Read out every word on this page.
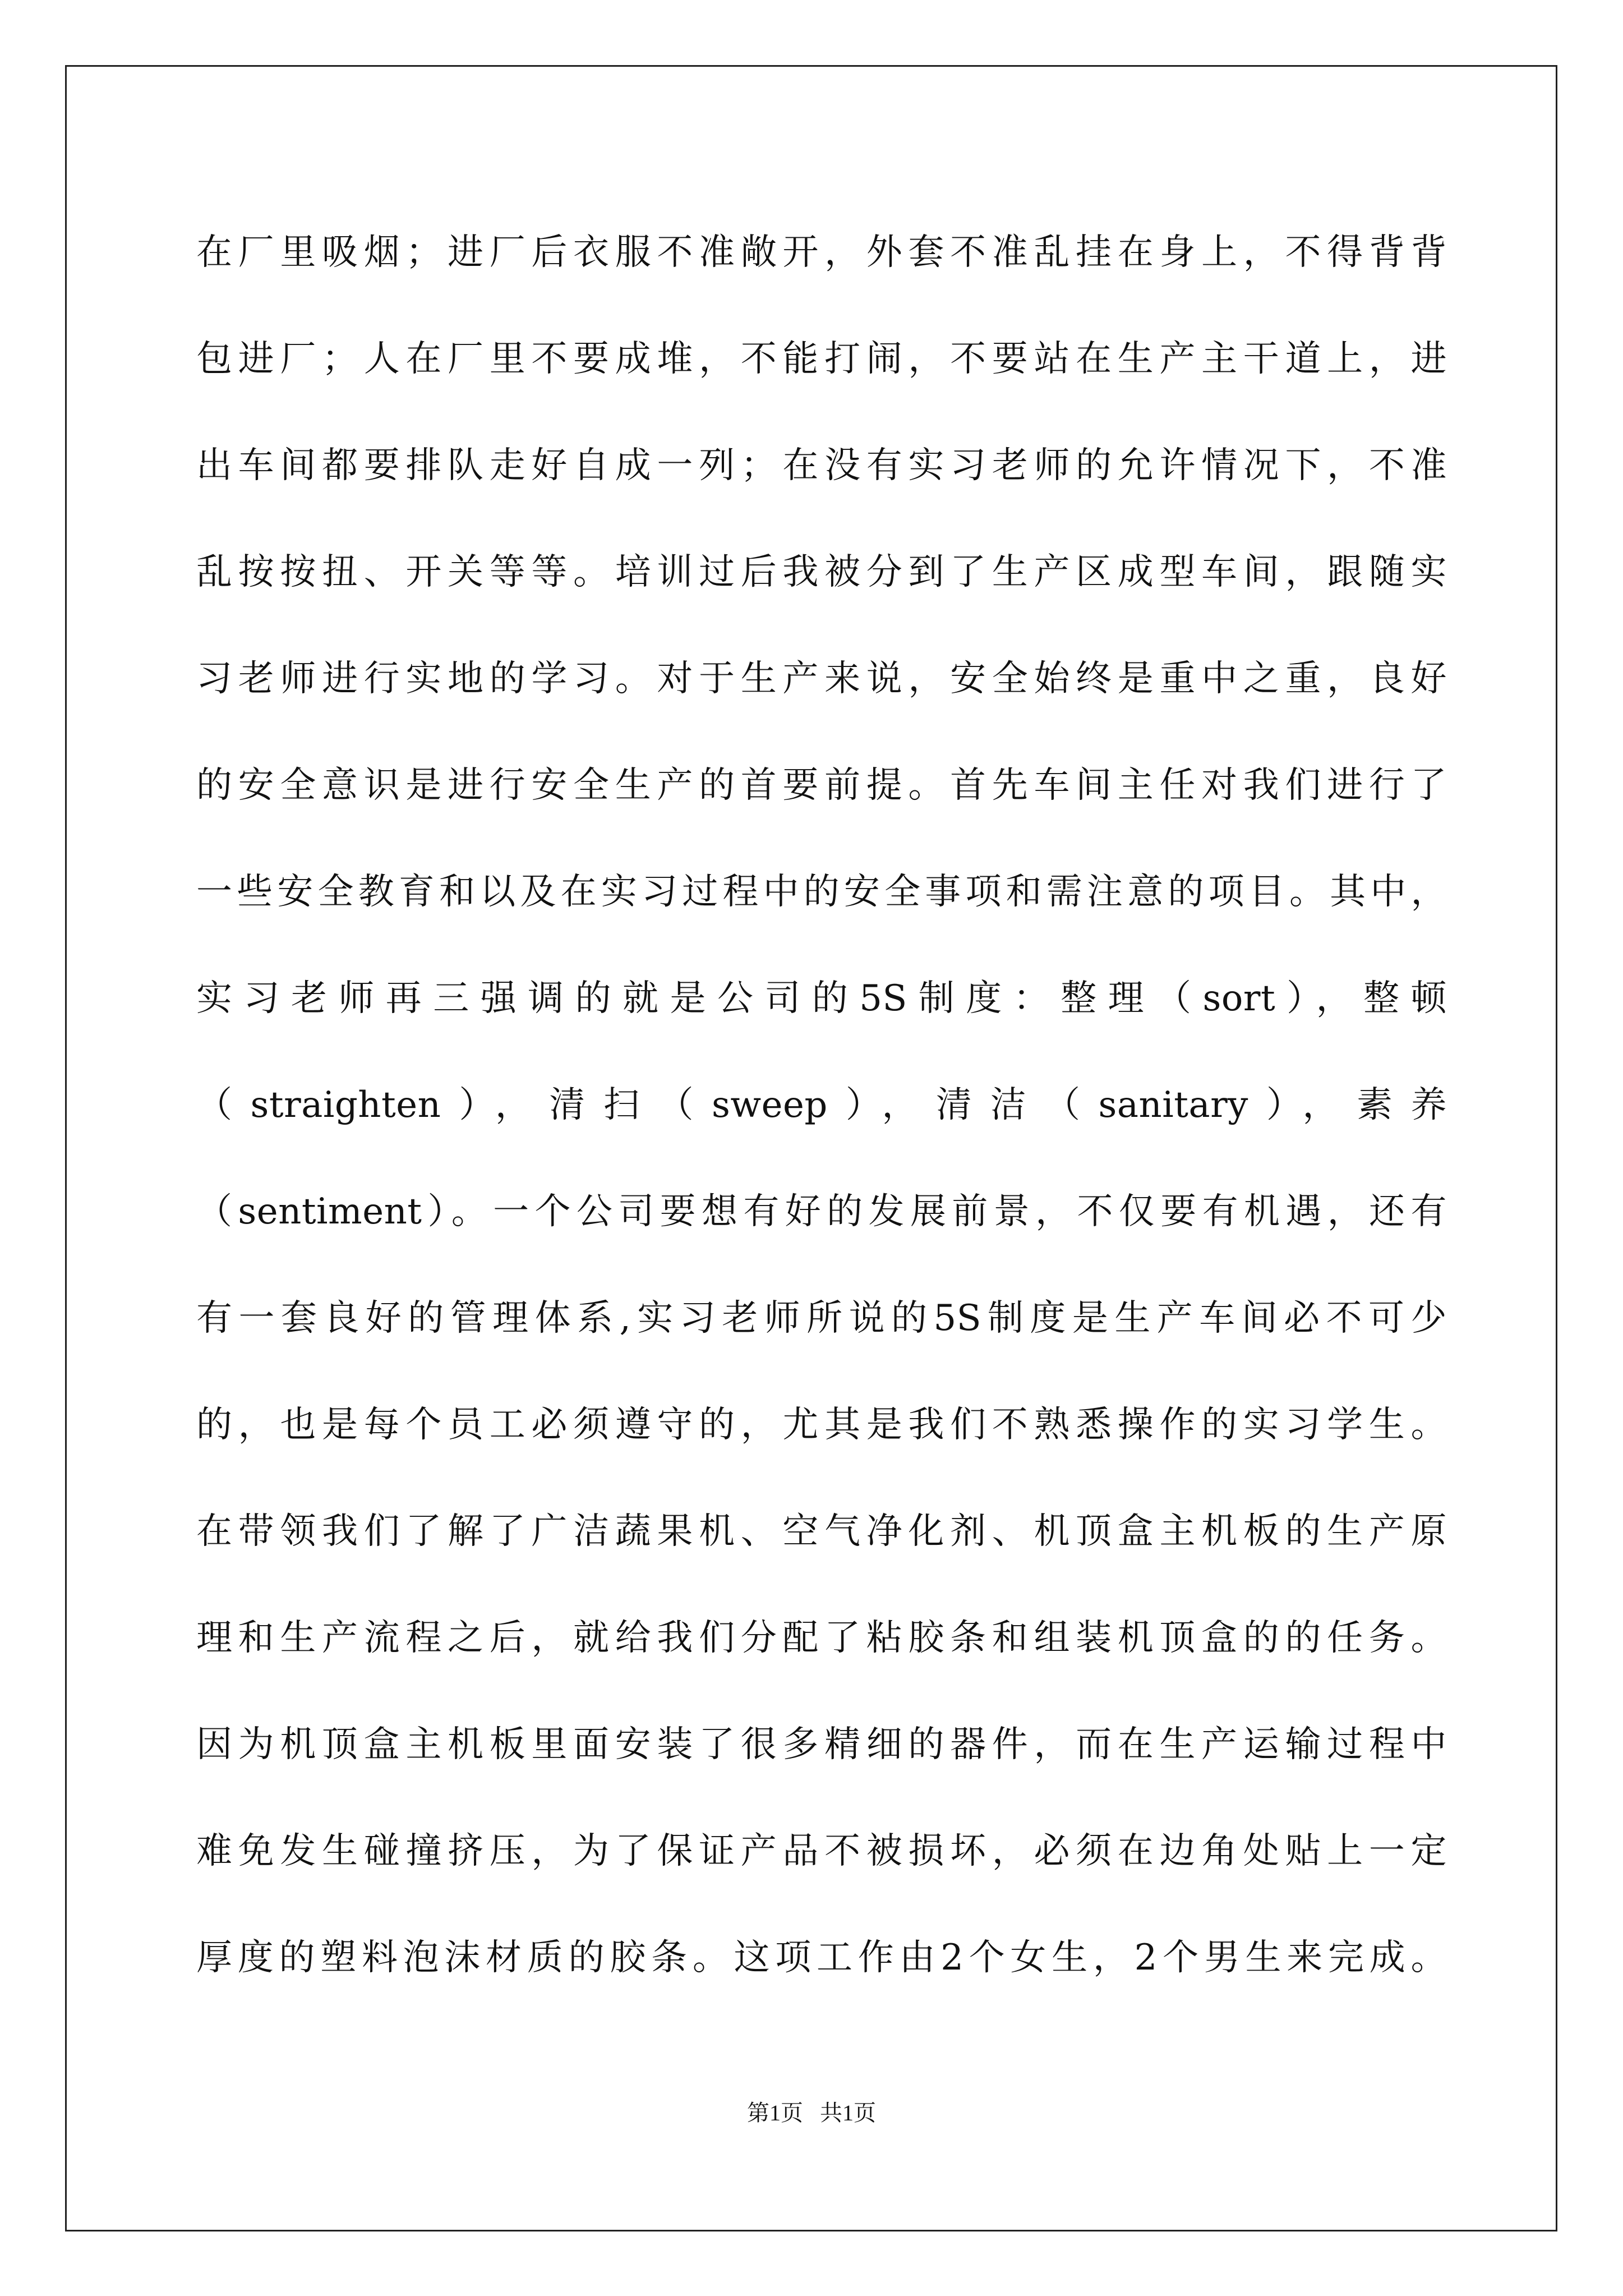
在厂里吸烟；进厂后衣服不准敞开，外套不准乱挂在身上，不得背背
包进厂；人在厂里不要成堆，不能打闹，不要站在生产主干道上，进
出车间都要排队走好自成一列；在没有实习老师的允许情况下，不准
乱按按扭、开关等等。培训过后我被分到了生产区成型车间，跟随实
习老师进行实地的学习。对于生产来说，安全始终是重中之重，良好
的安全意识是进行安全生产的首要前提。首先车间主任对我们进行了
一些安全教育和以及在实习过程中的安全事项和需注意的项目。其中，
实习老师再三强调的就是公司的5S制度：整理（sort），整顿
（straighten），清扫（sweep），清洁（sanitary），素养
（sentiment）。一个公司要想有好的发展前景，不仅要有机遇，还有
有一套良好的管理体系,实习老师所说的5S制度是生产车间必不可少
的，也是每个员工必须遵守的，尤其是我们不熟悉操作的实习学生。
在带领我们了解了广洁蔬果机、空气净化剂、机顶盒主机板的生产原
理和生产流程之后，就给我们分配了粘胶条和组装机顶盒的的任务。
因为机顶盒主机板里面安装了很多精细的器件，而在生产运输过程中
难免发生碰撞挤压，为了保证产品不被损坏，必须在边角处贴上一定
厚度的塑料泡沫材质的胶条。这项工作由2个女生，2个男生来完成。
第1页   共1页
